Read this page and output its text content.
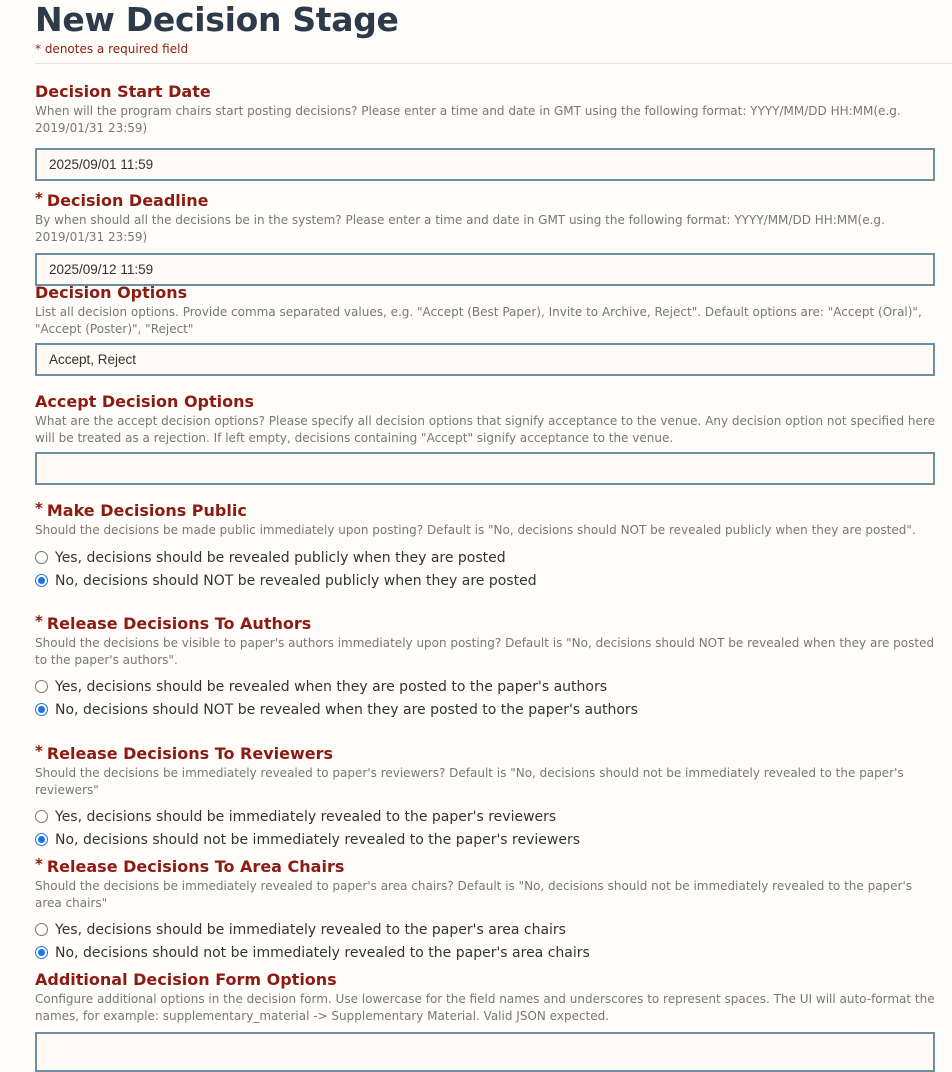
New Decision Stage
* denotes a required field
Decision Start Date
When will the program chairs start posting decisions? Please enter a time and date in GMT using the following format: YYYY/MM/DD HH:MM(e.g. 2019/01/31 23:59)
2025/09/01 11:59
* Decision Deadline
By when should all the decisions be in the system? Please enter a time and date in GMT using the following format: YYYY/MM/DD HH:MM(e.g. 2019/01/31 23:59)
2025/09/12 11:59
Decision Options
List all decision options. Provide comma separated values, e.g. "Accept (Best Paper), Invite to Archive, Reject". Default options are: "Accept (Oral)", "Accept (Poster)", "Reject"
Accept, Reject
Accept Decision Options
What are the accept decision options? Please specify all decision options that signify acceptance to the venue. Any decision option not specified here will be treated as a rejection. If left empty, decisions containing "Accept" signify acceptance to the venue.
* Make Decisions Public
Should the decisions be made public immediately upon posting? Default is "No, decisions should NOT be revealed publicly when they are posted".
Yes, decisions should be revealed publicly when they are posted
No, decisions should NOT be revealed publicly when they are posted
* Release Decisions To Authors
Should the decisions be visible to paper's authors immediately upon posting? Default is "No, decisions should NOT be revealed when they are posted to the paper's authors".
Yes, decisions should be revealed when they are posted to the paper's authors
No, decisions should NOT be revealed when they are posted to the paper's authors
* Release Decisions To Reviewers
Should the decisions be immediately revealed to paper's reviewers? Default is "No, decisions should not be immediately revealed to the paper's reviewers"
Yes, decisions should be immediately revealed to the paper's reviewers
No, decisions should not be immediately revealed to the paper's reviewers
* Release Decisions To Area Chairs
Should the decisions be immediately revealed to paper's area chairs? Default is "No, decisions should not be immediately revealed to the paper's area chairs"
Yes, decisions should be immediately revealed to the paper's area chairs
No, decisions should not be immediately revealed to the paper's area chairs
Additional Decision Form Options
Configure additional options in the decision form. Use lowercase for the field names and underscores to represent spaces. The UI will auto-format the names, for example: supplementary_material -> Supplementary Material. Valid JSON expected.
